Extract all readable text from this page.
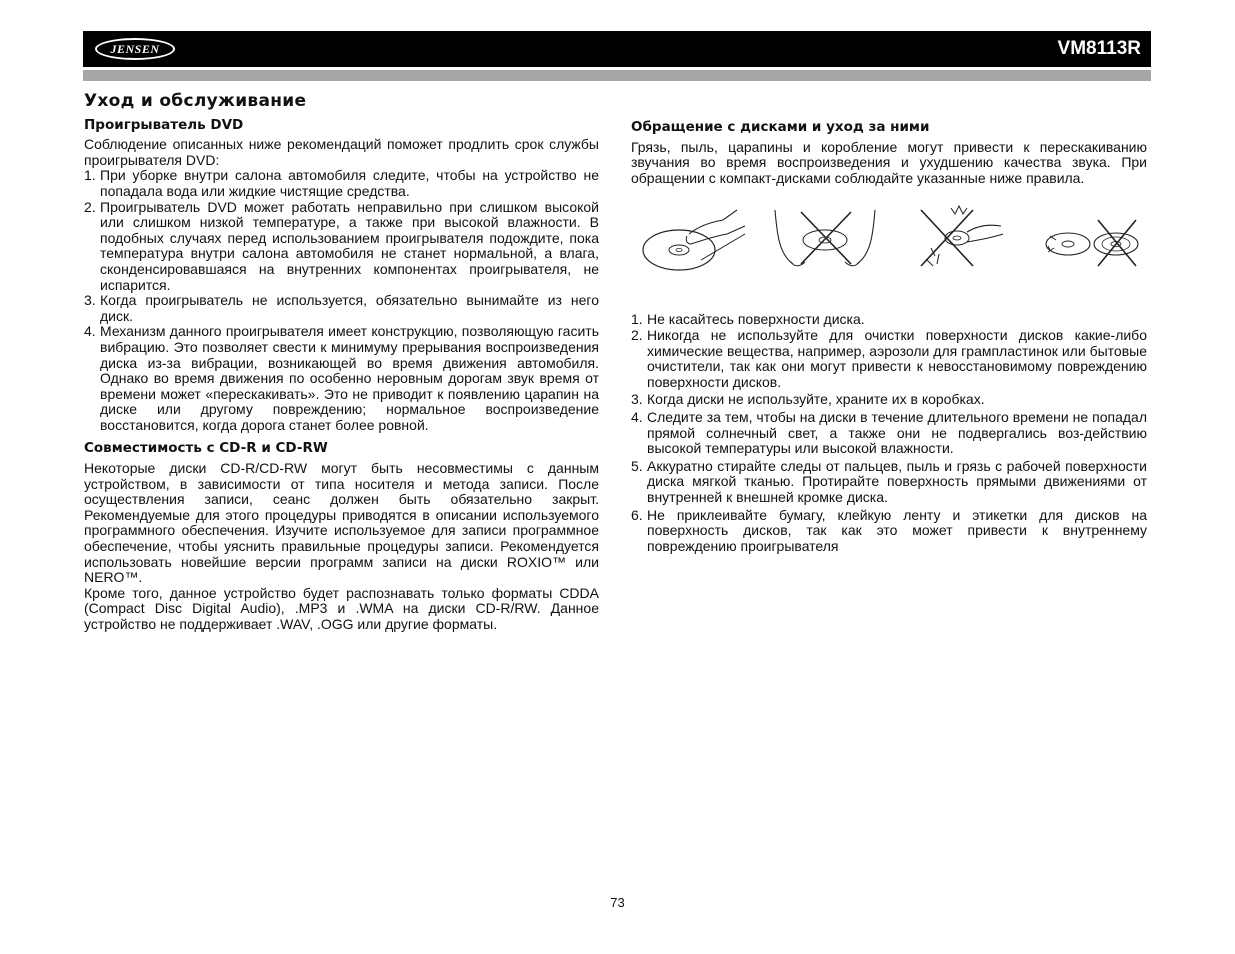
JENSEN	VM8113R
Уход и обслуживание
Проигрыватель DVD

Соблюдение описанных ниже рекомендаций поможет продлить срок службы проигрывателя DVD:

1. При уборке внутри салона автомобиля следите, чтобы на устройство не попадала вода или жидкие чистящие средства.
2. Проигрыватель DVD может работать неправильно при слишком высокой или слишком низкой температуре, а также при высокой влажности. В подобных случаях перед использованием проигрывателя подождите, пока температура внутри салона автомобиля не станет нормальной, а влага, сконденсировавшаяся на внутренних компонентах проигрывателя, не испарится.
3. Когда проигрыватель не используется, обязательно вынимайте из него диск.
4. Механизм данного проигрывателя имеет конструкцию, позволяющую гасить вибрацию. Это позволяет свести к минимуму прерывания воспроизведения диска из-за вибрации, возникающей во время движения автомобиля. Однако во время движения по особенно неровным дорогам звук время от времени может «перескакивать». Это не приводит к появлению царапин на диске или другому повреждению; нормальное воспроизведение восстановится, когда дорога станет более ровной.
Совместимость с CD-R и CD-RW

Некоторые диски CD-R/CD-RW могут быть несовместимы с данным устройством, в зависимости от типа носителя и метода записи. После осуществления записи, сеанс должен быть обязательно закрыт. Рекомендуемые для этого процедуры приводятся в описании используемого программного обеспечения. Изучите используемое для записи программное обеспечение, чтобы уяснить правильные процедуры записи. Рекомендуется использовать новейшие версии программ записи на диски ROXIO™ или NERO™.

Кроме того, данное устройство будет распознавать только форматы CDDA (Compact Disc Digital Audio), .MP3 и .WMA на диски CD-R/RW. Данное устройство не поддерживает .WAV, .OGG или другие форматы.

Обращение с дисками и уход за ними

Грязь, пыль, царапины и коробление могут привести к перескакиванию звучания во время воспроизведения и ухудшению качества звука. При обращении с компакт-дисками соблюдайте указанные ниже правила.

1. Не касайтесь поверхности диска.
2. Никогда не используйте для очистки поверхности дисков какие-либо химические вещества, например, аэрозоли для грампластинок или бытовые очистители, так как они могут привести к невосстановимому повреждению поверхности дисков.
3. Когда диски не используйте, храните их в коробках.
4. Следите за тем, чтобы на диски в течение длительного времени не попадал прямой солнечный свет, а также они не подвергались воз-действию высокой температуры или высокой влажности.
5. Аккуратно стирайте следы от пальцев, пыль и грязь с рабочей поверхности диска мягкой тканью. Протирайте поверхность прямыми движениями от внутренней к внешней кромке диска.
6. Не приклеивайте бумагу, клейкую ленту и этикетки для дисков на поверхность дисков, так как это может привести к внутреннему повреждению проигрывателя
73
